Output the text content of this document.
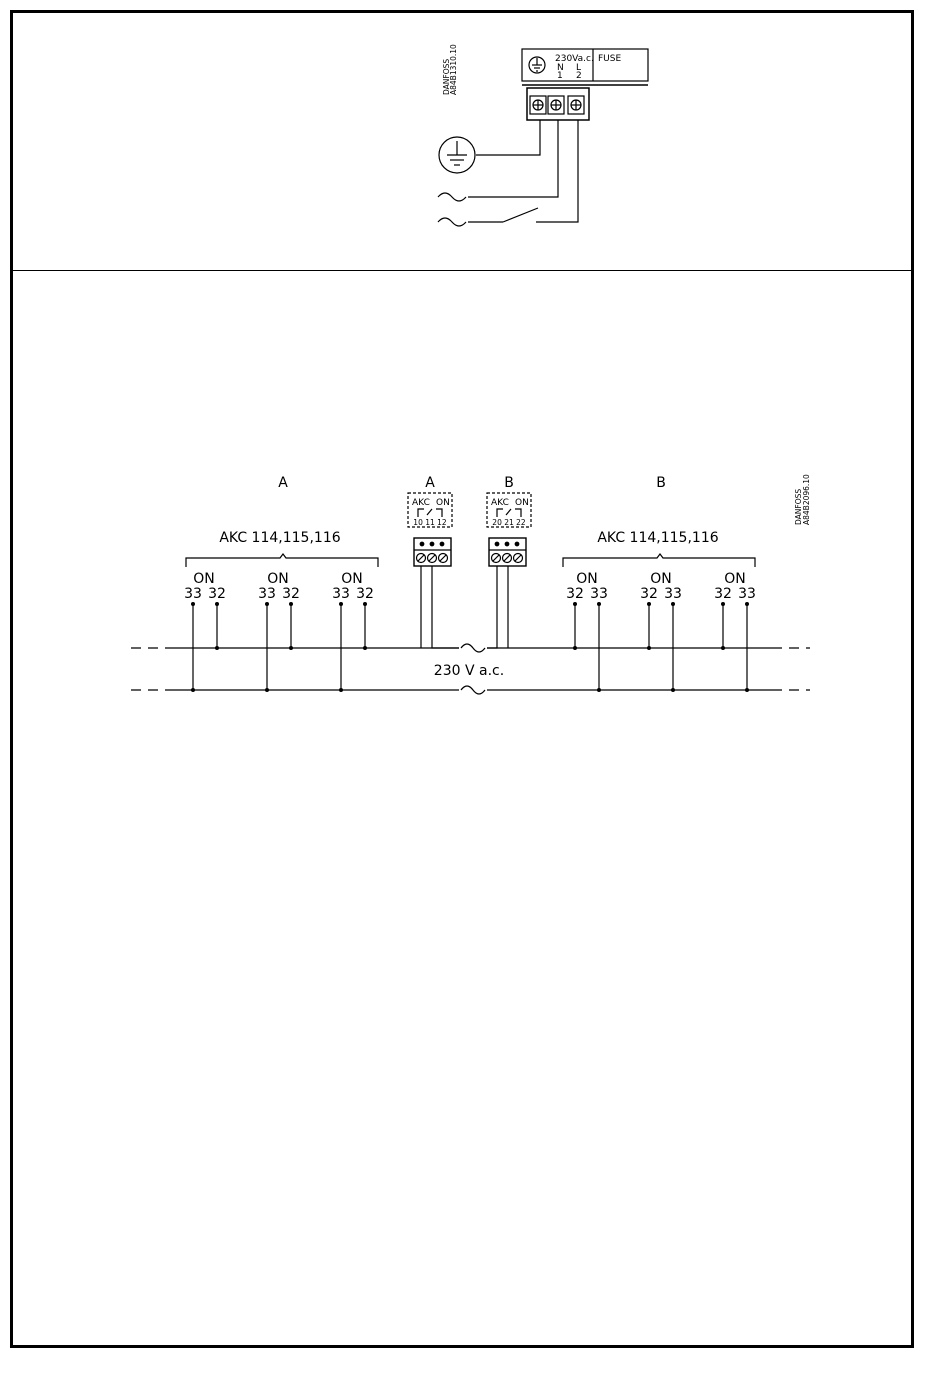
DANFOSS
A84B1310.10	230Va.c.
N L
1 2
FUSE
DANFOSS A84B2096.10
A	B
AKC 114,115,116	AKC 114,115,116
ON	ON	ON
33 32 33 32 33 32
ON	ON	ON
32 33 32 33 32 33
230 V a.c.
A
AKC ON
10 11 12
B
AKC ON
20 21 22
